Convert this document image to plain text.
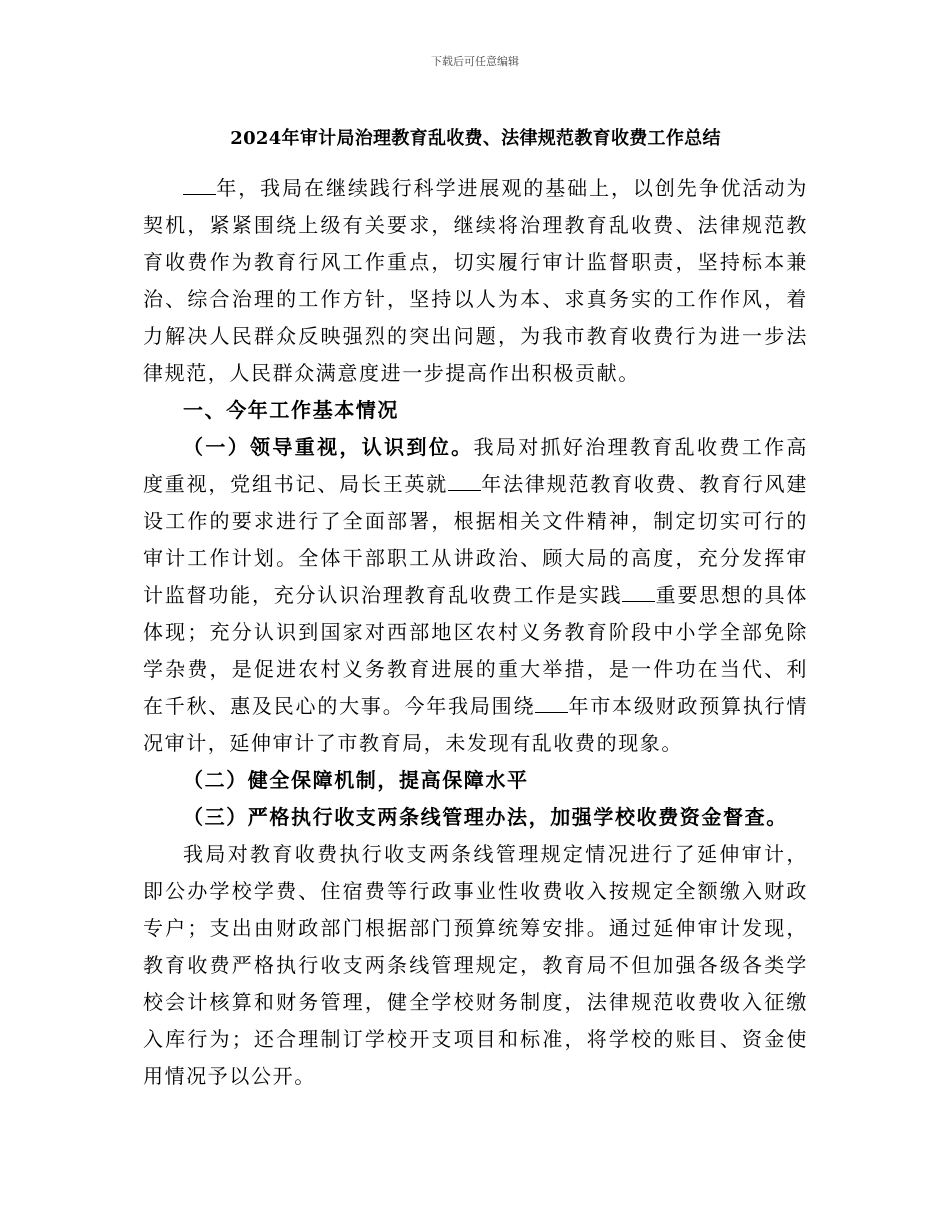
下载后可任意编辑
2024年审计局治理教育乱收费、法律规范教育收费工作总结

年，我局在继续践行科学进展观的基础上，以创先争优活动为契机，紧紧围绕上级有关要求，继续将治理教育乱收费、法律规范教育收费作为教育行风工作重点，切实履行审计监督职责，坚持标本兼治、综合治理的工作方针，坚持以人为本、求真务实的工作作风，着力解决人民群众反映强烈的突出问题，为我市教育收费行为进一步法律规范，人民群众满意度进一步提高作出积极贡献。

一、今年工作基本情况

（一）领导重视，认识到位。我局对抓好治理教育乱收费工作高度重视，党组书记、局长王英就 年法律规范教育收费、教育行风建设工作的要求进行了全面部署，根据相关文件精神，制定切实可行的审计工作计划。全体干部职工从讲政治、顾大局的高度，充分发挥审计监督功能，充分认识治理教育乱收费工作是实践 重要思想的具体体现；充分认识到国家对西部地区农村义务教育阶段中小学全部免除学杂费，是促进农村义务教育进展的重大举措，是一件功在当代、利在千秋、惠及民心的大事。今年我局围绕 年市本级财政预算执行情况审计，延伸审计了市教育局，未发现有乱收费的现象。

（二）健全保障机制，提高保障水平

（三）严格执行收支两条线管理办法，加强学校收费资金督查。

我局对教育收费执行收支两条线管理规定情况进行了延伸审计，即公办学校学费、住宿费等行政事业性收费收入按规定全额缴入财政专户；支出由财政部门根据部门预算统筹安排。通过延伸审计发现，教育收费严格执行收支两条线管理规定，教育局不但加强各级各类学校会计核算和财务管理，健全学校财务制度，法律规范收费收入征缴入库行为；还合理制订学校开支项目和标准，将学校的账目、资金使用情况予以公开。
